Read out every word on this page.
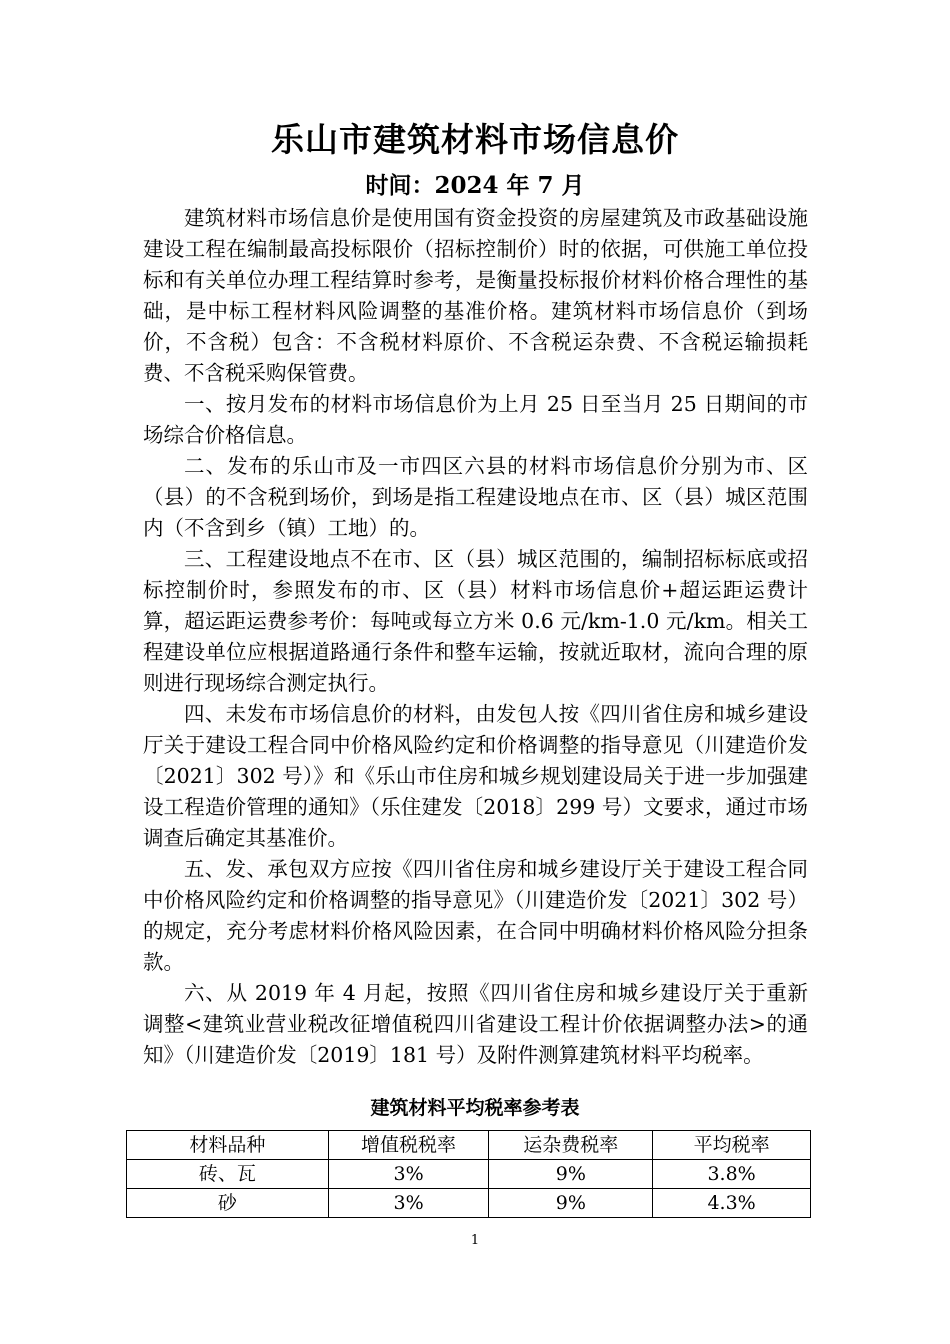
乐山市建筑材料市场信息价
时间：2024 年 7 月

建筑材料市场信息价是使用国有资金投资的房屋建筑及市政基础设施建设工程在编制最高投标限价（招标控制价）时的依据，可供施工单位投标和有关单位办理工程结算时参考，是衡量投标报价材料价格合理性的基础，是中标工程材料风险调整的基准价格。建筑材料市场信息价（到场价，不含税）包含：不含税材料原价、不含税运杂费、不含税运输损耗费、不含税采购保管费。

一、按月发布的材料市场信息价为上月 25 日至当月 25 日期间的市场综合价格信息。

二、发布的乐山市及一市四区六县的材料市场信息价分别为市、区（县）的不含税到场价，到场是指工程建设地点在市、区（县）城区范围内（不含到乡（镇）工地）的。

三、工程建设地点不在市、区（县）城区范围的，编制招标标底或招标控制价时，参照发布的市、区（县）材料市场信息价+超运距运费计算，超运距运费参考价：每吨或每立方米 0.6 元/km-1.0 元/km。相关工程建设单位应根据道路通行条件和整车运输，按就近取材，流向合理的原则进行现场综合测定执行。

四、未发布市场信息价的材料，由发包人按《四川省住房和城乡建设厅关于建设工程合同中价格风险约定和价格调整的指导意见（川建造价发〔2021〕302 号）》和《乐山市住房和城乡规划建设局关于进一步加强建设工程造价管理的通知》（乐住建发〔2018〕299 号）文要求，通过市场调查后确定其基准价。

五、发、承包双方应按《四川省住房和城乡建设厅关于建设工程合同中价格风险约定和价格调整的指导意见》（川建造价发〔2021〕302 号）的规定，充分考虑材料价格风险因素，在合同中明确材料价格风险分担条款。

六、从 2019 年 4 月起，按照《四川省住房和城乡建设厅关于重新调整<建筑业营业税改征增值税四川省建设工程计价依据调整办法>的通知》（川建造价发〔2019〕181 号）及附件测算建筑材料平均税率。

建筑材料平均税率参考表
材料品种	增值税税率	运杂费税率	平均税率
砖、瓦	3%	9%	3.8%
砂	3%	9%	4.3%
1
